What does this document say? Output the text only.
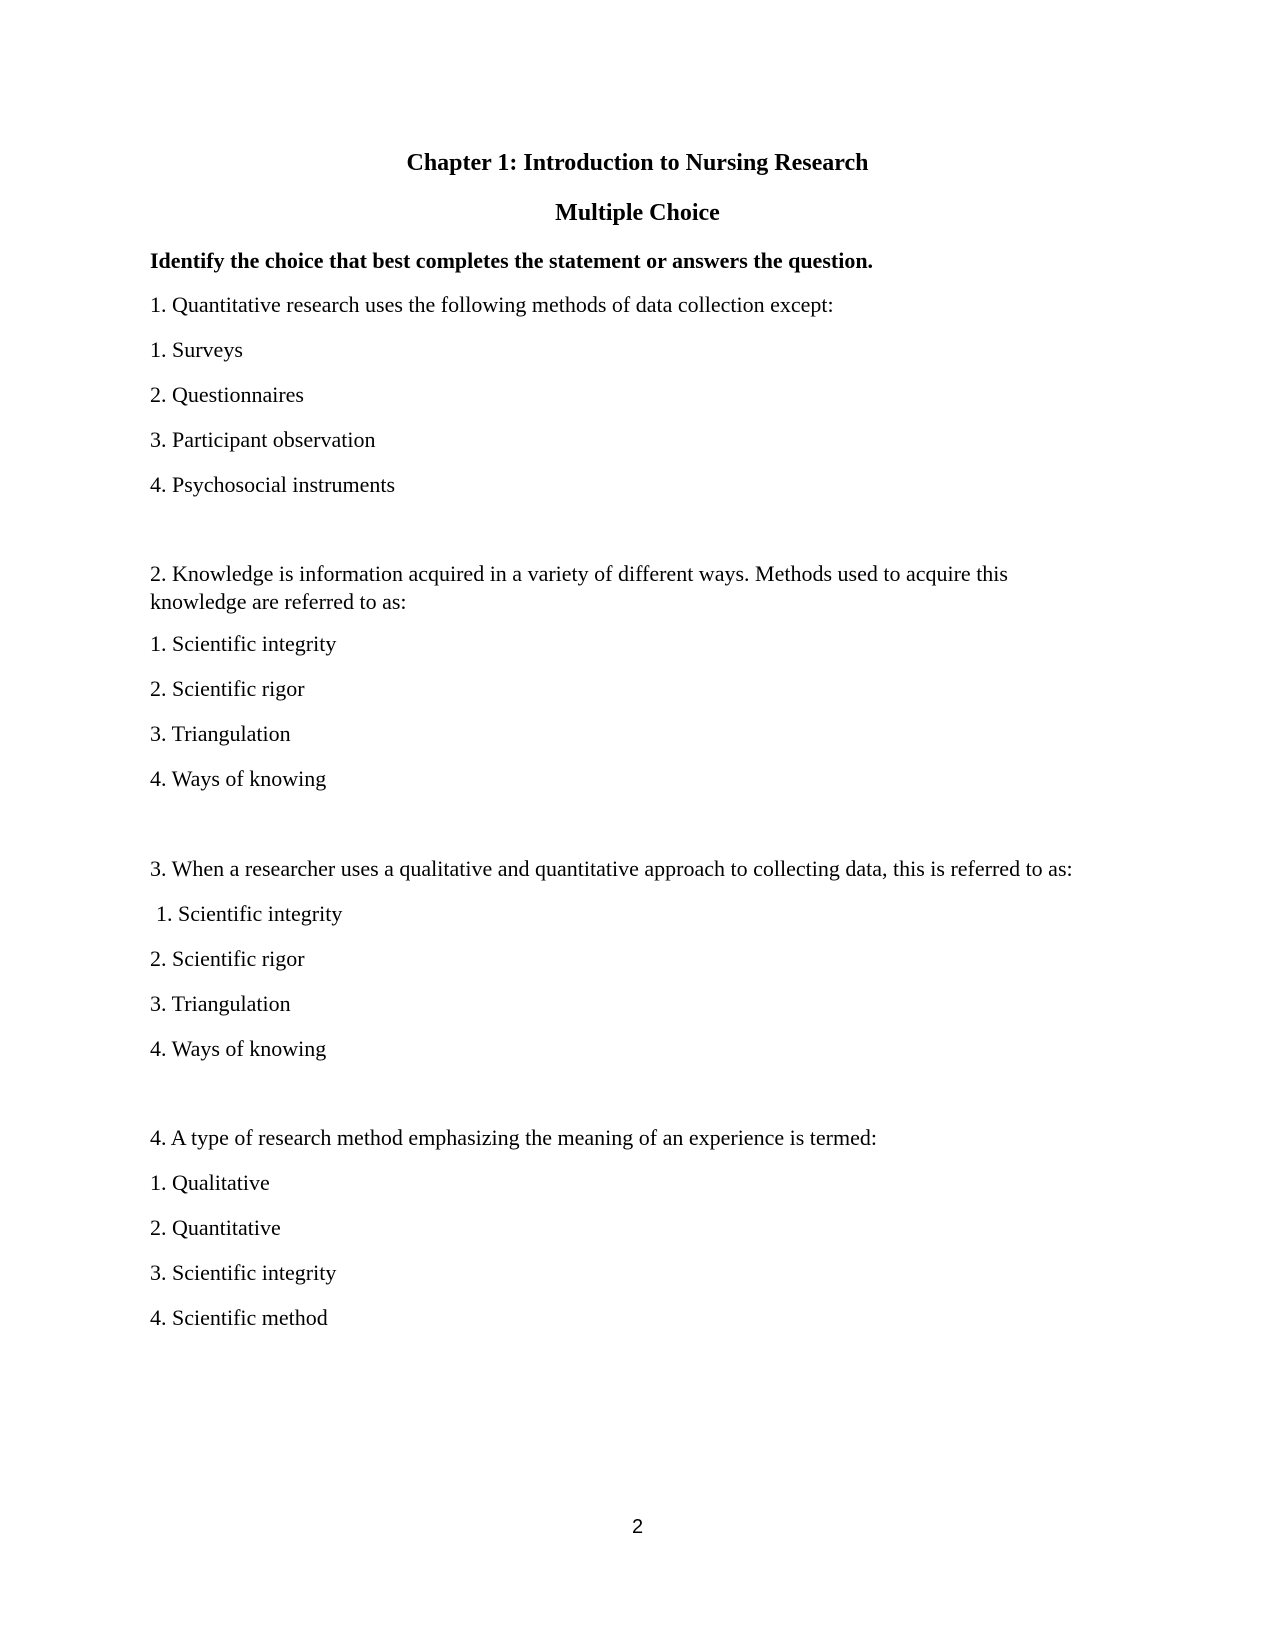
Chapter 1: Introduction to Nursing Research
Multiple Choice
Identify the choice that best completes the statement or answers the question.
1. Quantitative research uses the following methods of data collection except:
1. Surveys
2. Questionnaires
3. Participant observation
4. Psychosocial instruments
2. Knowledge is information acquired in a variety of different ways. Methods used to acquire this knowledge are referred to as:
1. Scientific integrity
2. Scientific rigor
3. Triangulation
4. Ways of knowing
3. When a researcher uses a qualitative and quantitative approach to collecting data, this is referred to as:
1. Scientific integrity
2. Scientific rigor
3. Triangulation
4. Ways of knowing
4. A type of research method emphasizing the meaning of an experience is termed:
1. Qualitative
2. Quantitative
3. Scientific integrity
4. Scientific method
2
